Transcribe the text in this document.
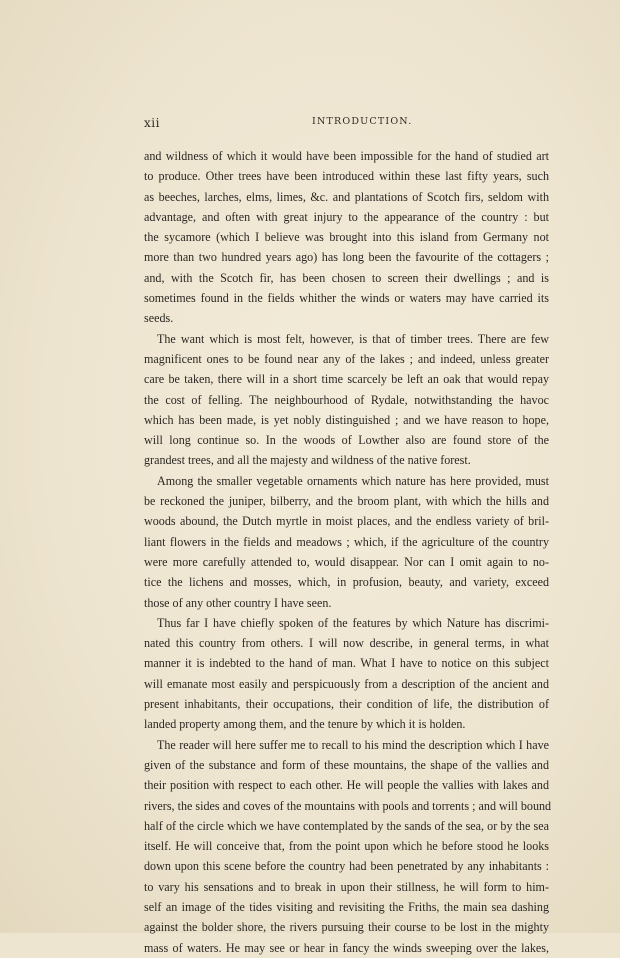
xii	INTRODUCTION.

and wildness of which it would have been impossible for the hand of studied art
to produce. Other trees have been introduced within these last fifty years, such
as beeches, larches, elms, limes, &c. and plantations of Scotch firs, seldom with
advantage, and often with great injury to the appearance of the country : but
the sycamore (which I believe was brought into this island from Germany not
more than two hundred years ago) has long been the favourite of the cottagers ;
and, with the Scotch fir, has been chosen to screen their dwellings ; and is
sometimes found in the fields whither the winds or waters may have carried its
seeds.

The want which is most felt, however, is that of timber trees. There are few
magnificent ones to be found near any of the lakes ; and indeed, unless greater
care be taken, there will in a short time scarcely be left an oak that would repay
the cost of felling. The neighbourhood of Rydale, notwithstanding the havoc
which has been made, is yet nobly distinguished ; and we have reason to hope,
will long continue so. In the woods of Lowther also are found store of the
grandest trees, and all the majesty and wildness of the native forest.

Among the smaller vegetable ornaments which nature has here provided, must
be reckoned the juniper, bilberry, and the broom plant, with which the hills and
woods abound, the Dutch myrtle in moist places, and the endless variety of bril-
liant flowers in the fields and meadows ; which, if the agriculture of the country
were more carefully attended to, would disappear. Nor can I omit again to no-
tice the lichens and mosses, which, in profusion, beauty, and variety, exceed
those of any other country I have seen.

Thus far I have chiefly spoken of the features by which Nature has discrimi-
nated this country from others. I will now describe, in general terms, in what
manner it is indebted to the hand of man. What I have to notice on this subject
will emanate most easily and perspicuously from a description of the ancient and
present inhabitants, their occupations, their condition of life, the distribution of
landed property among them, and the tenure by which it is holden.

The reader will here suffer me to recall to his mind the description which I have
given of the substance and form of these mountains, the shape of the vallies and
their position with respect to each other. He will people the vallies with lakes and
rivers, the sides and coves of the mountains with pools and torrents ; and will bound
half of the circle which we have contemplated by the sands of the sea, or by the sea
itself. He will conceive that, from the point upon which he before stood he looks
down upon this scene before the country had been penetrated by any inhabitants :
to vary his sensations and to break in upon their stillness, he will form to him-
self an image of the tides visiting and revisiting the Friths, the main sea dashing
against the bolder shore, the rivers pursuing their course to be lost in the mighty
mass of waters. He may see or hear in fancy the winds sweeping over the lakes,
